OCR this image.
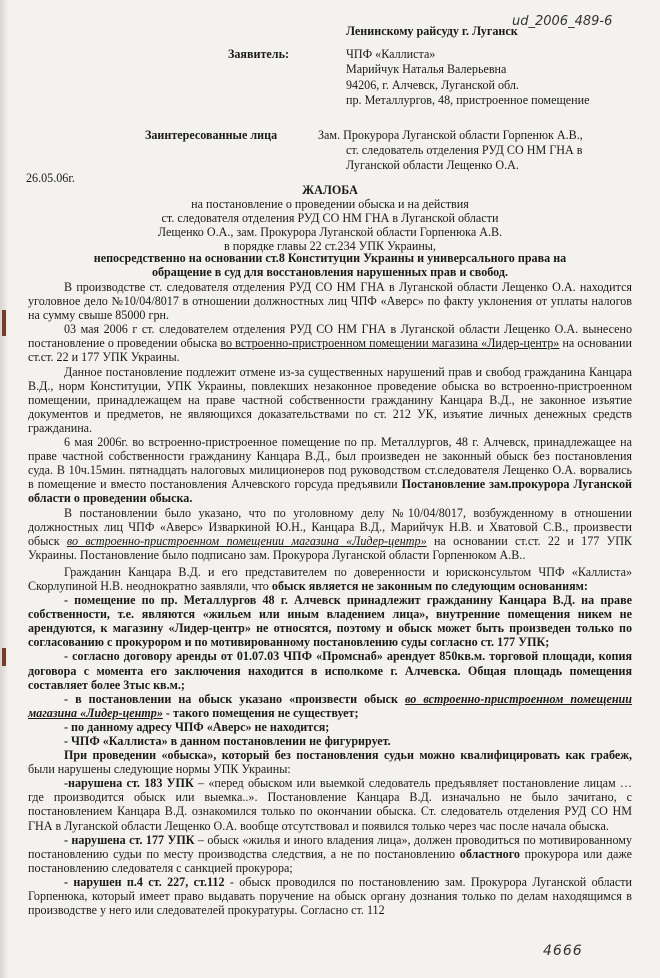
ud_2006_489-6
Ленинскому райсуду г. Луганск
Заявитель:	ЧПФ «Каллиста»
Марийчук Наталья Валерьевна
94206, г. Алчевск, Луганской обл.
пр. Металлургов, 48, пристроенное помещение
Заинтересованные лица	Зам. Прокурора Луганской области Горпенюк А.В.,
ст. следователь отделения РУД СО НМ ГНА в
Луганской области Лещенко О.А.
26.05.06г.
ЖАЛОБА
на постановление о проведении обыска и на действия
ст. следователя отделения РУД СО НМ ГНА в Луганской области
Лещенко О.А., зам. Прокурора Луганской области Горпенюка А.В.
в порядке главы 22 ст.234 УПК Украины,
непосредственно на основании ст.8 Конституции Украины и универсального права на
обращение в суд для восстановления нарушенных прав и свобод.

В производстве ст. следователя отделения РУД СО НМ ГНА в Луганской области Лещенко О.А. находится уголовное дело №10/04/8017 в отношении должностных лиц ЧПФ «Аверс» по факту уклонения от уплаты налогов на сумму свыше 85000 грн.

03 мая 2006 г ст. следователем отделения РУД СО НМ ГНА в Луганской области Лещенко О.А. вынесено постановление о проведении обыска во встроенно-пристроенном помещении магазина «Лидер-центр» на основании ст.ст. 22 и 177 УПК Украины.

Данное постановление подлежит отмене из-за существенных нарушений прав и свобод гражданина Канцара В.Д., норм Конституции, УПК Украины, повлекших незаконное проведение обыска во встроенно-пристроенном помещении, принадлежащем на праве частной собственности гражданину Канцара В.Д., не законное изъятие документов и предметов, не являющихся доказательствами по ст. 212 УК, изъятие личных денежных средств гражданина.

6 мая 2006г. во встроенно-пристроенное помещение по пр. Металлургов, 48 г. Алчевск, принадлежащее на праве частной собственности гражданину Канцара В.Д., был произведен не законный обыск без постановления суда. В 10ч.15мин. пятнадцать налоговых милиционеров под руководством ст.следователя Лещенко О.А. ворвались в помещение и вместо постановления Алчевского горсуда предъявили Постановление зам.прокурора Луганской области о проведении обыска.

В постановлении было указано, что по уголовному делу №10/04/8017, возбужденному в отношении должностных лиц ЧПФ «Аверс» Изваркиной Ю.Н., Канцара В.Д., Марийчук Н.В. и Хватовой С.В., произвести обыск во встроенно-пристроенном помещении магазина «Лидер-центр» на основании ст.ст. 22 и 177 УПК Украины. Постановление было подписано зам. Прокурора Луганской области Горпенюком А.В..

Гражданин Канцара В.Д. и его представителем по доверенности и юрисконсультом ЧПФ «Каллиста» Скорлупиной Н.В. неоднократно заявляли, что обыск является не законным по следующим основаниям:

- помещение по пр. Металлургов 48 г. Алчевск принадлежит гражданину Канцара В.Д. на праве собственности, т.е. являются «жильем или иным владением лица», внутренние помещения никем не арендуются, к магазину «Лидер-центр» не относятся, поэтому и обыск может быть произведен только по согласованию с прокурором и по мотивированному постановлению суды согласно ст. 177 УПК;

- согласно договору аренды от 01.07.03 ЧПФ «Промснаб» арендует 850кв.м. торговой площади, копия договора с момента его заключения находится в исполкоме г. Алчевска. Общая площадь помещения составляет более 3тыс кв.м.;

- в постановлении на обыск указано «произвести обыск во встроенно-пристроенном помещении магазина «Лидер-центр» - такого помещения не существует;

- по данному адресу ЧПФ «Аверс» не находится;

- ЧПФ «Каллиста» в данном постановлении не фигурирует.

При проведении «обыска», который без постановления судьи можно квалифицировать как грабеж, были нарушены следующие нормы УПК Украины:

-нарушена ст. 183 УПК – «перед обыском или выемкой следователь предъявляет постановление лицам … где производится обыск или выемка..». Постановление Канцара В.Д. изначально не было зачитано, с постановлением Канцара В.Д. ознакомился только по окончании обыска. Ст. следователь отделения РУД СО НМ ГНА в Луганской области Лещенко О.А. вообще отсутствовал и появился только через час после начала обыска.

- нарушена ст. 177 УПК – обыск «жилья и иного владения лица», должен проводиться по мотивированному постановлению судьи по месту производства следствия, а не по постановлению областного прокурора или даже постановлению следователя с санкцией прокурора;

- нарушен п.4 ст. 227, ст.112 - обыск проводился по постановлению зам. Прокурора Луганской области Горпенюка, который имеет право выдавать поручение на обыск органу дознания только по делам находящимся в производстве у него или следователей прокуратуры. Согласно ст. 112

4666
